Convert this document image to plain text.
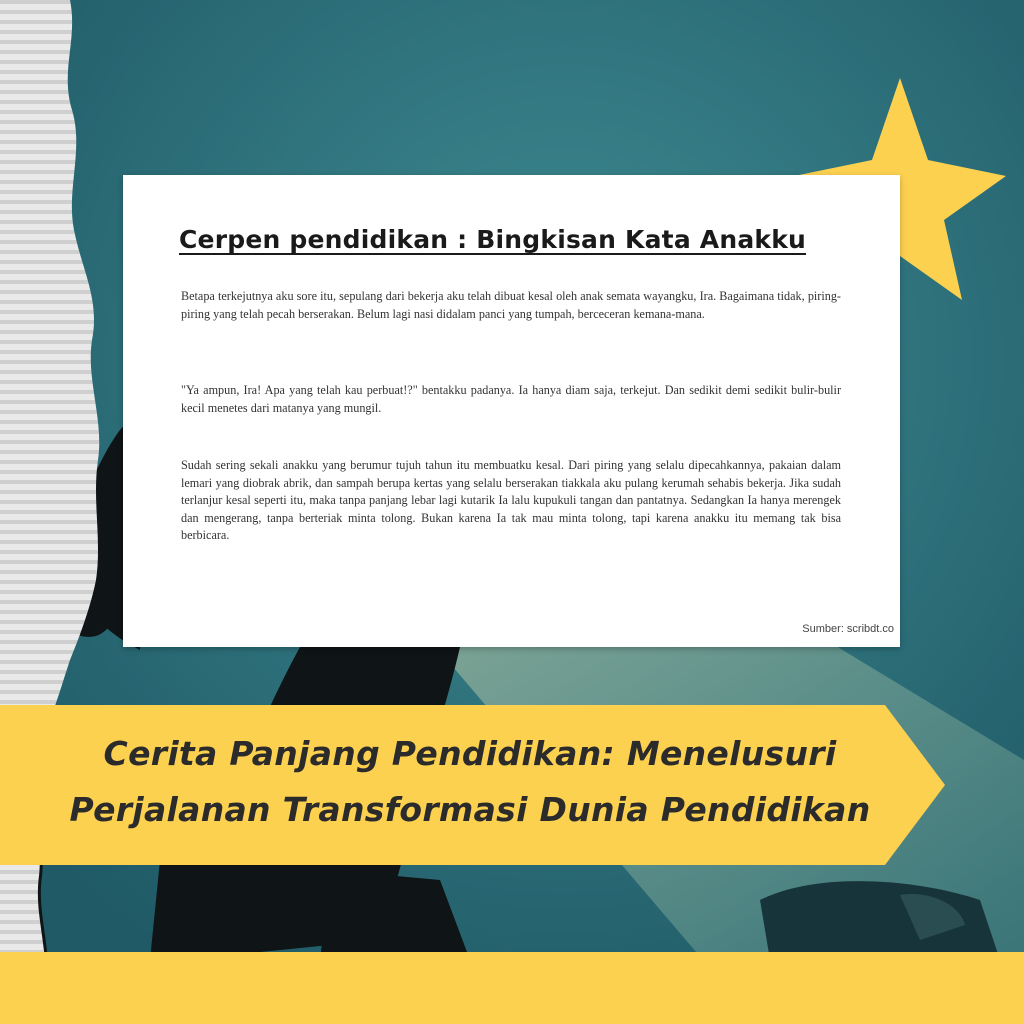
Cerpen pendidikan : Bingkisan Kata Anakku

Betapa terkejutnya aku sore itu, sepulang dari bekerja aku telah dibuat kesal oleh anak semata wayangku, Ira. Bagaimana tidak, piring-piring yang telah pecah berserakan. Belum lagi nasi didalam panci yang tumpah, berceceran kemana-mana.

"Ya ampun, Ira! Apa yang telah kau perbuat!?" bentakku padanya. Ia hanya diam saja, terkejut. Dan sedikit demi sedikit bulir-bulir kecil menetes dari matanya yang mungil.

Sudah sering sekali anakku yang berumur tujuh tahun itu membuatku kesal. Dari piring yang selalu dipecahkannya, pakaian dalam lemari yang diobrak abrik, dan sampah berupa kertas yang selalu berserakan tiakkala aku pulang kerumah sehabis bekerja. Jika sudah terlanjur kesal seperti itu, maka tanpa panjang lebar lagi kutarik Ia lalu kupukuli tangan dan pantatnya. Sedangkan Ia hanya merengek dan mengerang, tanpa berteriak minta tolong. Bukan karena Ia tak mau minta tolong, tapi karena anakku itu memang tak bisa berbicara.

Sumber: scribdt.co

Cerita Panjang Pendidikan: Menelusuri
Perjalanan Transformasi Dunia Pendidikan
